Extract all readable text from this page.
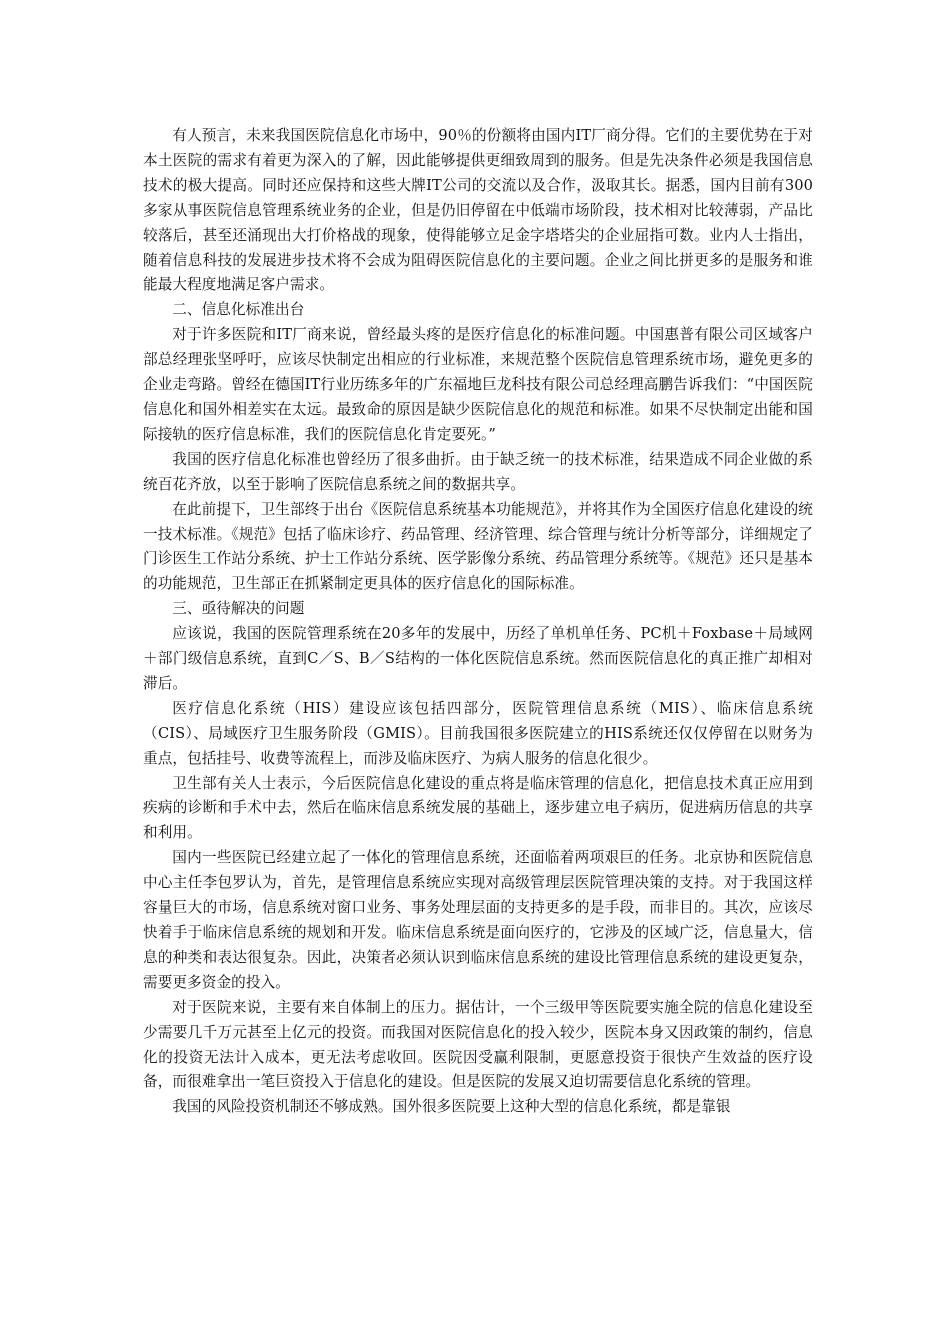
有人预言，未来我国医院信息化市场中，90％的份额将由国内IT厂商分得。它们的主要优势在于对本土医院的需求有着更为深入的了解，因此能够提供更细致周到的服务。但是先决条件必须是我国信息技术的极大提高。同时还应保持和这些大牌IT公司的交流以及合作，汲取其长。据悉，国内目前有300多家从事医院信息管理系统业务的企业，但是仍旧停留在中低端市场阶段，技术相对比较薄弱，产品比较落后，甚至还涌现出大打价格战的现象，使得能够立足金字塔塔尖的企业屈指可数。业内人士指出，随着信息科技的发展进步技术将不会成为阻碍医院信息化的主要问题。企业之间比拼更多的是服务和谁能最大程度地满足客户需求。

二、信息化标准出台

对于许多医院和IT厂商来说，曾经最头疼的是医疗信息化的标准问题。中国惠普有限公司区域客户部总经理张坚呼吁，应该尽快制定出相应的行业标准，来规范整个医院信息管理系统市场，避免更多的企业走弯路。曾经在德国IT行业历练多年的广东福地巨龙科技有限公司总经理高鹏告诉我们：“中国医院信息化和国外相差实在太远。最致命的原因是缺少医院信息化的规范和标准。如果不尽快制定出能和国际接轨的医疗信息标准，我们的医院信息化肯定要死。”

我国的医疗信息化标准也曾经历了很多曲折。由于缺乏统一的技术标准，结果造成不同企业做的系统百花齐放，以至于影响了医院信息系统之间的数据共享。

在此前提下，卫生部终于出台《医院信息系统基本功能规范》，并将其作为全国医疗信息化建设的统一技术标准。《规范》包括了临床诊疗、药品管理、经济管理、综合管理与统计分析等部分，详细规定了门诊医生工作站分系统、护士工作站分系统、医学影像分系统、药品管理分系统等。《规范》还只是基本的功能规范，卫生部正在抓紧制定更具体的医疗信息化的国际标准。

三、亟待解决的问题

应该说，我国的医院管理系统在20多年的发展中，历经了单机单任务、PC机＋Foxbase＋局域网＋部门级信息系统，直到C／S、B／S结构的一体化医院信息系统。然而医院信息化的真正推广却相对滞后。

医疗信息化系统（HIS）建设应该包括四部分，医院管理信息系统（MIS）、临床信息系统（CIS）、局域医疗卫生服务阶段（GMIS）。目前我国很多医院建立的HIS系统还仅仅停留在以财务为重点，包括挂号、收费等流程上，而涉及临床医疗、为病人服务的信息化很少。

卫生部有关人士表示，今后医院信息化建设的重点将是临床管理的信息化，把信息技术真正应用到疾病的诊断和手术中去，然后在临床信息系统发展的基础上，逐步建立电子病历，促进病历信息的共享和利用。

国内一些医院已经建立起了一体化的管理信息系统，还面临着两项艰巨的任务。北京协和医院信息中心主任李包罗认为，首先，是管理信息系统应实现对高级管理层医院管理决策的支持。对于我国这样容量巨大的市场，信息系统对窗口业务、事务处理层面的支持更多的是手段，而非目的。其次，应该尽快着手于临床信息系统的规划和开发。临床信息系统是面向医疗的，它涉及的区域广泛，信息量大，信息的种类和表达很复杂。因此，决策者必须认识到临床信息系统的建设比管理信息系统的建设更复杂，需要更多资金的投入。

对于医院来说，主要有来自体制上的压力。据估计，一个三级甲等医院要实施全院的信息化建设至少需要几千万元甚至上亿元的投资。而我国对医院信息化的投入较少，医院本身又因政策的制约，信息化的投资无法计入成本，更无法考虑收回。医院因受赢利限制，更愿意投资于很快产生效益的医疗设备，而很难拿出一笔巨资投入于信息化的建设。但是医院的发展又迫切需要信息化系统的管理。

我国的风险投资机制还不够成熟。国外很多医院要上这种大型的信息化系统，都是靠银
